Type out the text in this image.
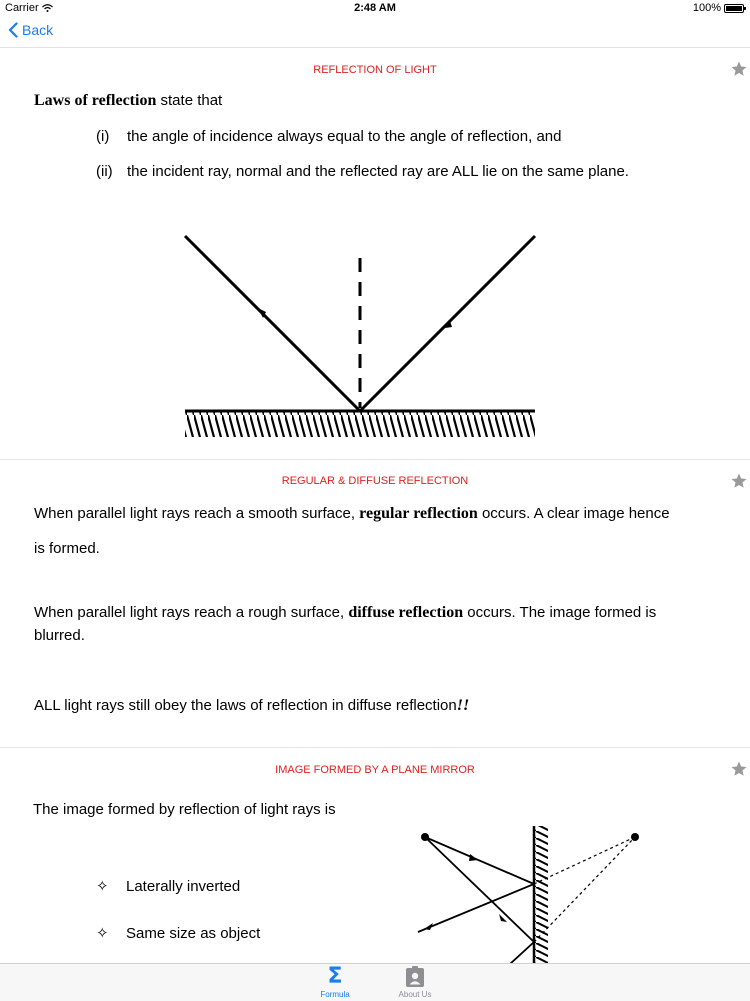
Carrier	2:48 AM	100%
Back
REFLECTION OF LIGHT
Laws of reflection state that
(i) the angle of incidence always equal to the angle of reflection, and
(ii) the incident ray, normal and the reflected ray are ALL lie on the same plane.
REGULAR & DIFFUSE REFLECTION
When parallel light rays reach a smooth surface, regular reflection occurs. A clear image hence
is formed.
When parallel light rays reach a rough surface, diffuse reflection occurs. The image formed is
blurred.
ALL light rays still obey the laws of reflection in diffuse reflection!!
IMAGE FORMED BY A PLANE MIRROR
The image formed by reflection of light rays is
✧ Laterally inverted
✧ Same size as object
Σ
Formula	About Us
